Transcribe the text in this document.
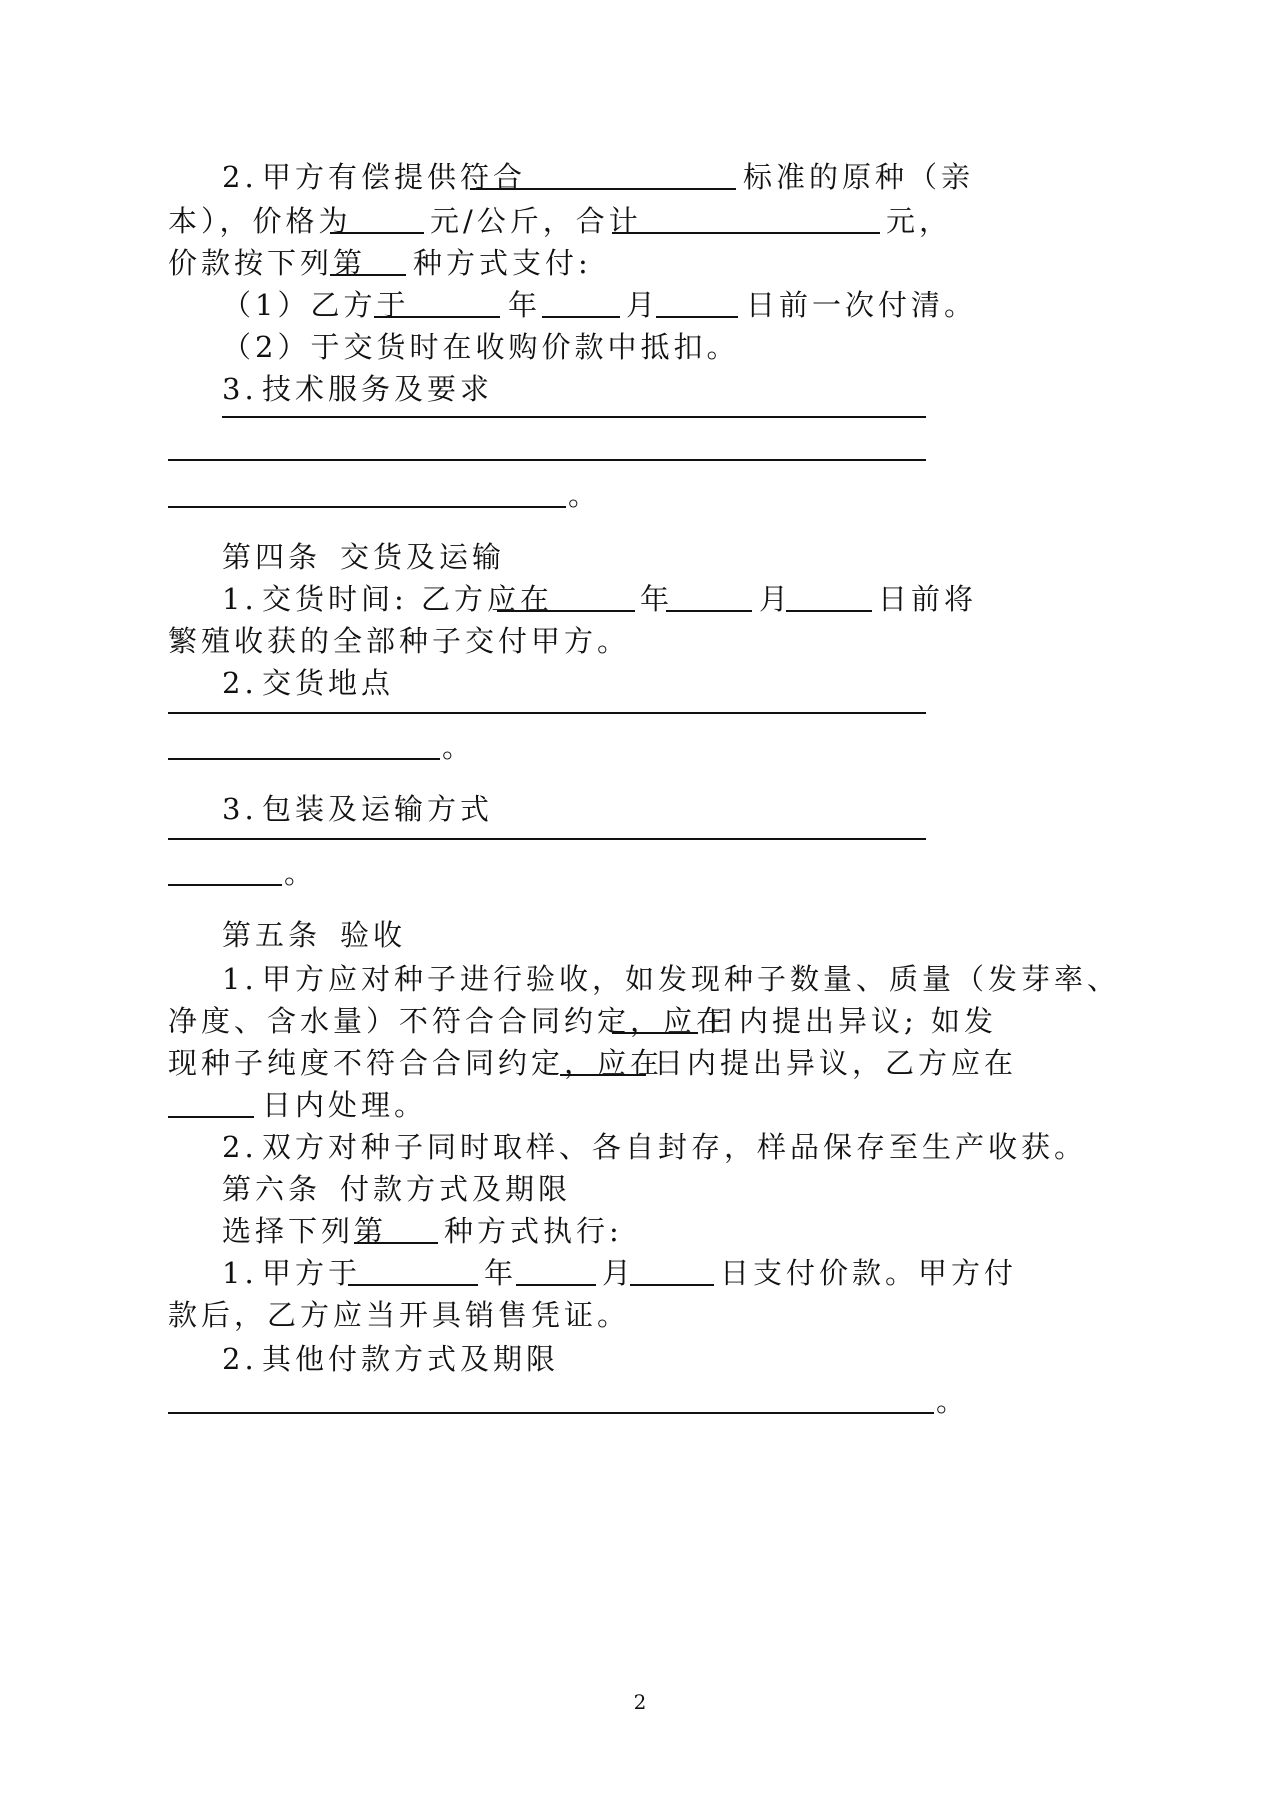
2. 甲方有偿提供符合	标准的原种（亲
本），价格为	元/公斤，合计	元，
价款按下列第 种方式支付:
（1）乙方于	年	月	日前一次付清。
（2）于交货时在收购价款中抵扣。
3. 技术服务及要求
。
第四条 交货及运输
1. 交货时间: 乙方应在	年	月	日前将
繁殖收获的全部种子交付甲方。
2. 交货地点
。
3. 包装及运输方式
。
第五条 验收
1. 甲方应对种子进行验收，如发现种子数量、质量（发芽率、
净度、含水量）不符合合同约定，应在
日内提出异议; 如发
现种子纯度不符合合同约定，应在
日内提出异议，乙方应在
日内处理。
2. 双方对种子同时取样、各自封存，样品保存至生产收获。
第六条 付款方式及期限
选择下列第 种方式执行:
1. 甲方于	年	月	日支付价款。甲方付
款后，乙方应当开具销售凭证。
2. 其他付款方式及期限
。
2
